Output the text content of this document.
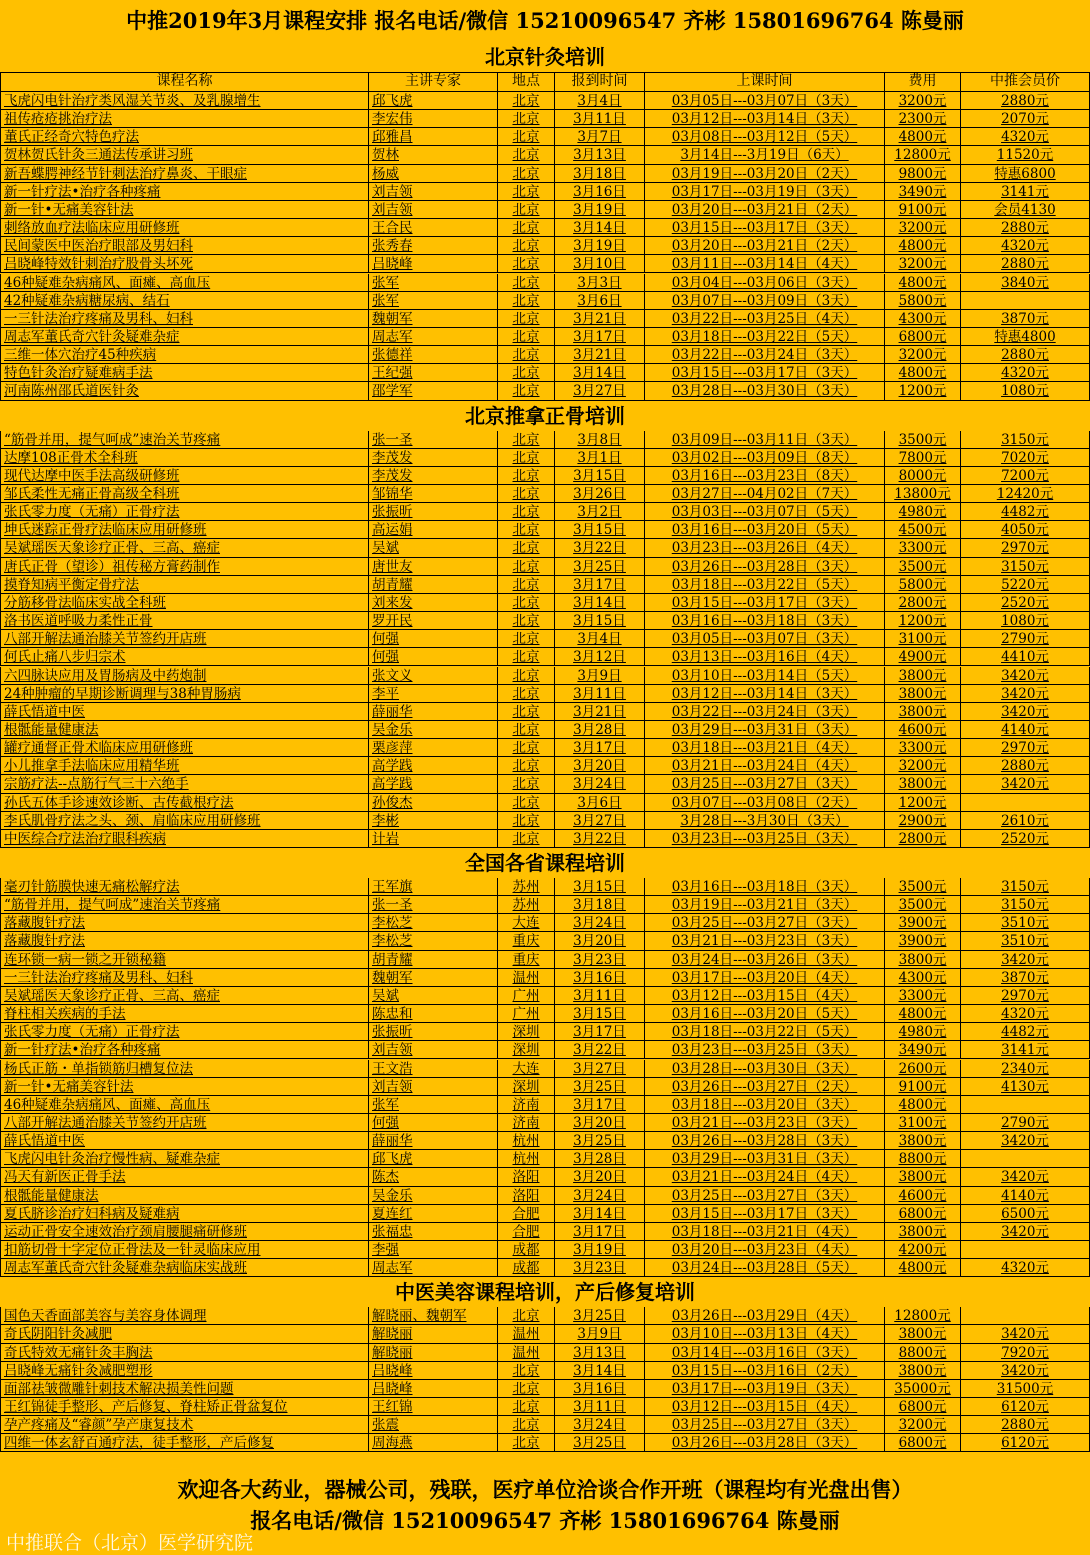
中推2019年3月课程安排 报名电话/微信 15210096547 齐彬 15801696764 陈曼丽
北京针灸培训
课程名称	主讲专家	地点	报到时间	上课时间	费用	中推会员价
飞虎闪电针治疗类风湿关节炎、及乳腺增生	邱飞虎	北京	3月4日	03月05日---03月07日（3天）	3200元	2880元
祖传疮疮挑治疗法	李宏伟	北京	3月11日	03月12日---03月14日（3天）	2300元	2070元
董氏正经奇穴特色疗法	邱雅昌	北京	3月7日	03月08日---03月12日（5天）	4800元	4320元
贺林贺氏针灸三通法传承讲习班	贺林	北京	3月13日	3月14日---3月19日（6天）	12800元	11520元
新吾蝶腭神经节针刺法治疗鼻炎、干眼症	杨威	北京	3月18日	03月19日---03月20日（2天）	9800元	特惠6800
新一针疗法•治疗各种疼痛	刘吉领	北京	3月16日	03月17日---03月19日（3天）	3490元	3141元
新一针•无痛美容针法	刘吉领	北京	3月19日	03月20日---03月21日（2天）	9100元	会员4130
刺络放血疗法临床应用研修班	王合民	北京	3月14日	03月15日---03月17日（3天）	3200元	2880元
民间蒙医中医治疗眼部及男妇科	张秀春	北京	3月19日	03月20日---03月21日（2天）	4800元	4320元
吕晓峰特效针刺治疗股骨头坏死	吕晓峰	北京	3月10日	03月11日---03月14日（4天）	3200元	2880元
46种疑难杂病痛风、面瘫、高血压	张军	北京	3月3日	03月04日---03月06日（3天）	4800元	3840元
42种疑难杂病糖尿病、结石	张军	北京	3月6日	03月07日---03月09日（3天）	5800元
一三针法治疗疼痛及男科、妇科	魏朝军	北京	3月21日	03月22日---03月25日（4天）	4300元	3870元
周志军董氏奇穴针灸疑难杂症	周志军	北京	3月17日	03月18日---03月22日（5天）	6800元	特惠4800
三维一体穴治疗45种疾病	张德祥	北京	3月21日	03月22日---03月24日（3天）	3200元	2880元
特色针灸治疗疑难病手法	王纪强	北京	3月14日	03月15日---03月17日（3天）	4800元	4320元
河南陈州邵氏道医针灸	邵学军	北京	3月27日	03月28日---03月30日（3天）	1200元	1080元
北京推拿正骨培训
“筋骨并用，提气呵成”速治关节疼痛	张一圣	北京	3月8日	03月09日---03月11日（3天）	3500元	3150元
达摩108正骨术全科班	李茂发	北京	3月1日	03月02日---03月09日（8天）	7800元	7020元
现代达摩中医手法高级研修班	李茂发	北京	3月15日	03月16日---03月23日（8天）	8000元	7200元
邹氏柔性无痛正骨高级全科班	邹锦华	北京	3月26日	03月27日---04月02日（7天）	13800元	12420元
张氏零力度（无痛）正骨疗法	张振昕	北京	3月2日	03月03日---03月07日（5天）	4980元	4482元
坤氏迷踪正骨疗法临床应用研修班	高运娟	北京	3月15日	03月16日---03月20日（5天）	4500元	4050元
吴斌瑶医天象诊疗正骨、三高、癌症	吴斌	北京	3月22日	03月23日---03月26日（4天）	3300元	2970元
唐氏正骨（望诊）祖传秘方膏药制作	唐世友	北京	3月25日	03月26日---03月28日（3天）	3500元	3150元
摸脊知病平衡定骨疗法	胡青耀	北京	3月17日	03月18日---03月22日（5天）	5800元	5220元
分筋移骨法临床实战全科班	刘来发	北京	3月14日	03月15日---03月17日（3天）	2800元	2520元
洛书医道呼吸力柔性正骨	罗开民	北京	3月15日	03月16日---03月18日（3天）	1200元	1080元
八部开解法通治膝关节签约开店班	何强	北京	3月4日	03月05日---03月07日（3天）	3100元	2790元
何氏止痛八步归宗术	何强	北京	3月12日	03月13日---03月16日（4天）	4900元	4410元
六四脉诀应用及胃肠病及中药炮制	张文义	北京	3月9日	03月10日---03月14日（5天）	3800元	3420元
24种肿瘤的早期诊断调理与38种胃肠病	李平	北京	3月11日	03月12日---03月14日（3天）	3800元	3420元
薛氏悟道中医	薛丽华	北京	3月21日	03月22日---03月24日（3天）	3800元	3420元
根骶能量健康法	吴金乐	北京	3月28日	03月29日---03月31日（3天）	4600元	4140元
罐疗通督正骨术临床应用研修班	栗彦萍	北京	3月17日	03月18日---03月21日（4天）	3300元	2970元
小儿推拿手法临床应用精华班	高学践	北京	3月20日	03月21日---03月24日（4天）	3200元	2880元
宗筋疗法--点筋行气三十六绝手	高学践	北京	3月24日	03月25日---03月27日（3天）	3800元	3420元
孙氏五体手诊速效诊断、古传截根疗法	孙俊杰	北京	3月6日	03月07日---03月08日（2天）	1200元
李氏肌骨疗法之头、颈、肩临床应用研修班	李彬	北京	3月27日	3月28日---3月30日（3天）	2900元	2610元
中医综合疗法治疗眼科疾病	计岩	北京	3月22日	03月23日---03月25日（3天）	2800元	2520元
全国各省课程培训
毫刃针筋膜快速无痛松解疗法	王军旗	苏州	3月15日	03月16日---03月18日（3天）	3500元	3150元
“筋骨并用，提气呵成”速治关节疼痛	张一圣	苏州	3月18日	03月19日---03月21日（3天）	3500元	3150元
落藏腹针疗法	李松芝	大连	3月24日	03月25日---03月27日（3天）	3900元	3510元
落藏腹针疗法	李松芝	重庆	3月20日	03月21日---03月23日（3天）	3900元	3510元
连环锁一病一锁之开锁秘籍	胡青耀	重庆	3月23日	03月24日---03月26日（3天）	3800元	3420元
一三针法治疗疼痛及男科、妇科	魏朝军	温州	3月16日	03月17日---03月20日（4天）	4300元	3870元
吴斌瑶医天象诊疗正骨、三高、癌症	吴斌	广州	3月11日	03月12日---03月15日（4天）	3300元	2970元
脊柱相关疾病的手法	陈忠和	广州	3月15日	03月16日---03月20日（5天）	4800元	4320元
张氏零力度（无痛）正骨疗法	张振昕	深圳	3月17日	03月18日---03月22日（5天）	4980元	4482元
新一针疗法•治疗各种疼痛	刘吉领	深圳	3月22日	03月23日---03月25日（3天）	3490元	3141元
杨氏正筋・单指锁筋归槽复位法	王文浩	大连	3月27日	03月28日---03月30日（3天）	2600元	2340元
新一针•无痛美容针法	刘吉领	深圳	3月25日	03月26日---03月27日（2天）	9100元	4130元
46种疑难杂病痛风、面瘫、高血压	张军	济南	3月17日	03月18日---03月20日（3天）	4800元
八部开解法通治膝关节签约开店班	何强	济南	3月20日	03月21日---03月23日（3天）	3100元	2790元
薛氏悟道中医	薛丽华	杭州	3月25日	03月26日---03月28日（3天）	3800元	3420元
飞虎闪电针灸治疗慢性病、疑难杂症	邱飞虎	杭州	3月28日	03月29日---03月31日（3天）	8800元
冯天有新医正骨手法	陈杰	洛阳	3月20日	03月21日---03月24日（4天）	3800元	3420元
根骶能量健康法	吴金乐	洛阳	3月24日	03月25日---03月27日（3天）	4600元	4140元
夏氏脐诊治疗妇科病及疑难病	夏连红	合肥	3月14日	03月15日---03月17日（3天）	6800元	6500元
运动正骨安全速效治疗颈肩腰腿痛研修班	张福忠	合肥	3月17日	03月18日---03月21日（4天）	3800元	3420元
扣筋切骨十字定位正骨法及一针灵临床应用	李强	成都	3月19日	03月20日---03月23日（4天）	4200元
周志军董氏奇穴针灸疑难杂病临床实战班	周志军	成都	3月23日	03月24日---03月28日（5天）	4800元	4320元
中医美容课程培训，产后修复培训
国色天香面部美容与美容身体调理	解晓丽、魏朝军	北京	3月25日	03月26日---03月29日（4天）	12800元
奇氏阴阳针灸减肥	解晓丽	温州	3月9日	03月10日---03月13日（4天）	3800元	3420元
奇氏特效无痛针灸丰胸法	解晓丽	温州	3月13日	03月14日---03月16日（3天）	8800元	7920元
吕晓峰无痛针灸减肥塑形	吕晓峰	北京	3月14日	03月15日---03月16日（2天）	3800元	3420元
面部祛皱微雕针刺技术解决损美性问题	吕晓峰	北京	3月16日	03月17日---03月19日（3天）	35000元	31500元
王红锦徒手整形、产后修复、脊柱矫正骨盆复位	王红锦	北京	3月11日	03月12日---03月15日（4天）	6800元	6120元
孕产疼痛及“睿颜”孕产康复技术	张震	北京	3月24日	03月25日---03月27日（3天）	3200元	2880元
四维一体玄舒百通疗法，徒手整形，产后修复	周海燕	北京	3月25日	03月26日---03月28日（3天）	6800元	6120元
欢迎各大药业，器械公司，残联，医疗单位洽谈合作开班（课程均有光盘出售）
报名电话/微信 15210096547 齐彬 15801696764 陈曼丽
中推联合（北京）医学研究院
